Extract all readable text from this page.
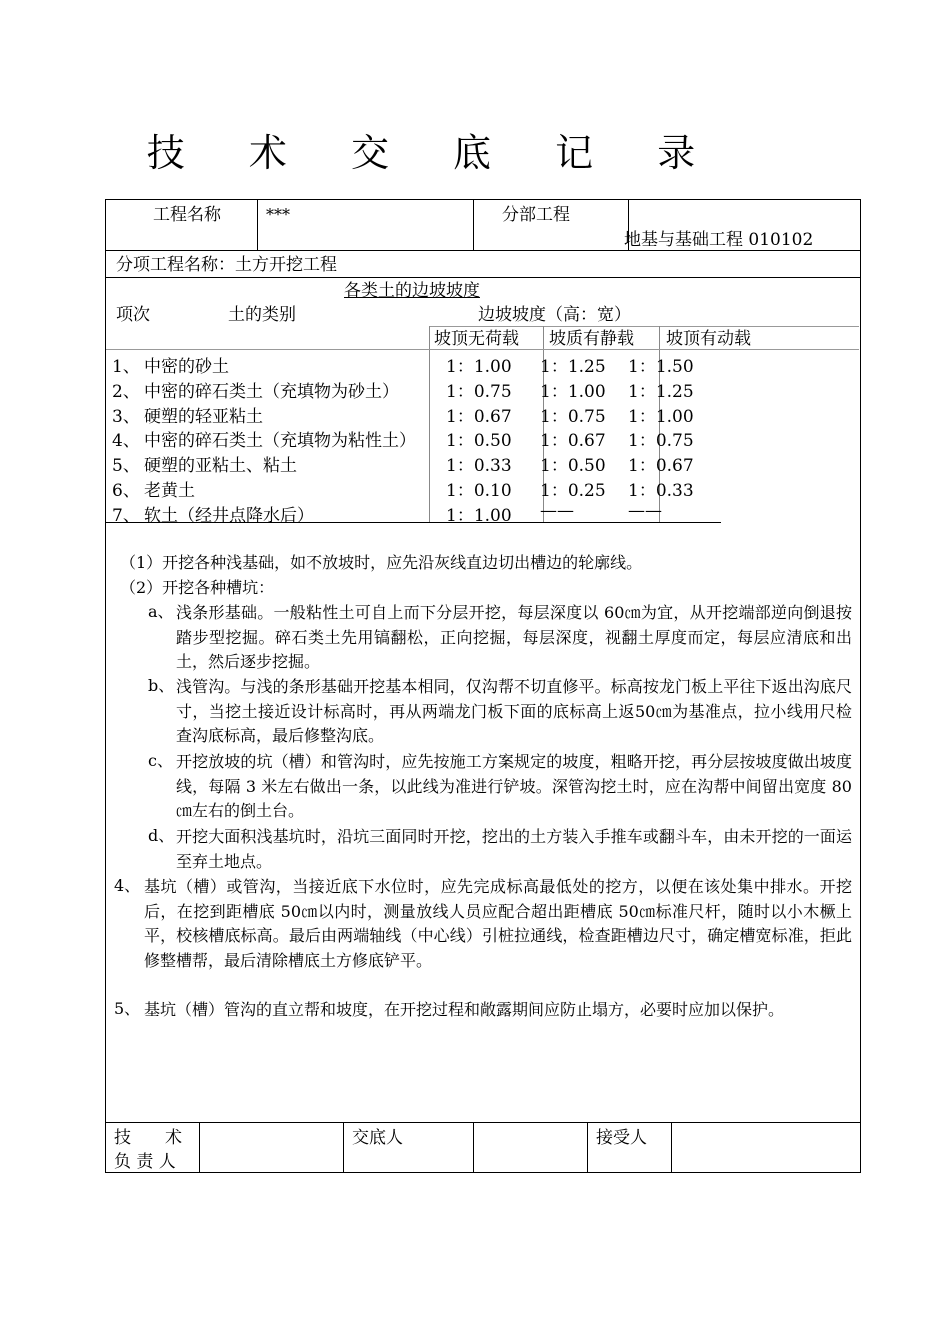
技 术 交 底 记 录
工程名称	***	分部工程
地基与基础工程 010102
分项工程名称：土方开挖工程
各类土的边坡坡度
项次	土的类别	边坡坡度（高：宽）
坡顶无荷载 坡质有静载 坡顶有动载
1、 中密的砂土	1：1.00 1：1.25 1：1.50
2、 中密的碎石类土（充填物为砂土）	1：0.75 1：1.00 1：1.25
3、 硬塑的轻亚粘土	1：0.67 1：0.75 1：1.00
4、 中密的碎石类土（充填物为粘性土） 1：0.50 1：0.67 1：0.75
5、 硬塑的亚粘土、粘土	1：0.33 1：0.50 1：0.67
6、 老黄土	1：0.10 1：0.25 1：0.33
7、 软土（经井点降水后）	1：1.00 ——	——
（1）开挖各种浅基础，如不放坡时，应先沿灰线直边切出槽边的轮廓线。
（2）开挖各种槽坑：
a、 浅条形基础。一般粘性土可自上而下分层开挖，每层深度以 60㎝为宜，从开挖端部逆向倒退按踏步型挖掘。碎石类土先用镐翻松，正向挖掘，每层深度，视翻土厚度而定，每层应清底和出土，然后逐步挖掘。
b、 浅管沟。与浅的条形基础开挖基本相同，仅沟帮不切直修平。标高按龙门板上平往下返出沟底尺寸，当挖土接近设计标高时，再从两端龙门板下面的底标高上返50㎝为基准点，拉小线用尺检查沟底标高，最后修整沟底。
c、 开挖放坡的坑（槽）和管沟时，应先按施工方案规定的坡度，粗略开挖，再分层按坡度做出坡度线，每隔 3 米左右做出一条，以此线为准进行铲坡。深管沟挖土时，应在沟帮中间留出宽度 80㎝左右的倒土台。
d、 开挖大面积浅基坑时，沿坑三面同时开挖，挖出的土方装入手推车或翻斗车，由未开挖的一面运至弃土地点。
4、 基坑（槽）或管沟，当接近底下水位时，应先完成标高最低处的挖方，以便在该处集中排水。开挖后，在挖到距槽底 50㎝以内时，测量放线人员应配合超出距槽底 50㎝标准尺杆，随时以小木橛上平，校核槽底标高。最后由两端轴线（中心线）引桩拉通线，检查距槽边尺寸，确定槽宽标准，拒此修整槽帮，最后清除槽底土方修底铲平。
5、 基坑（槽）管沟的直立帮和坡度，在开挖过程和敞露期间应防止塌方，必要时应加以保护。
技　　术
负 责 人
交底人	接受人
